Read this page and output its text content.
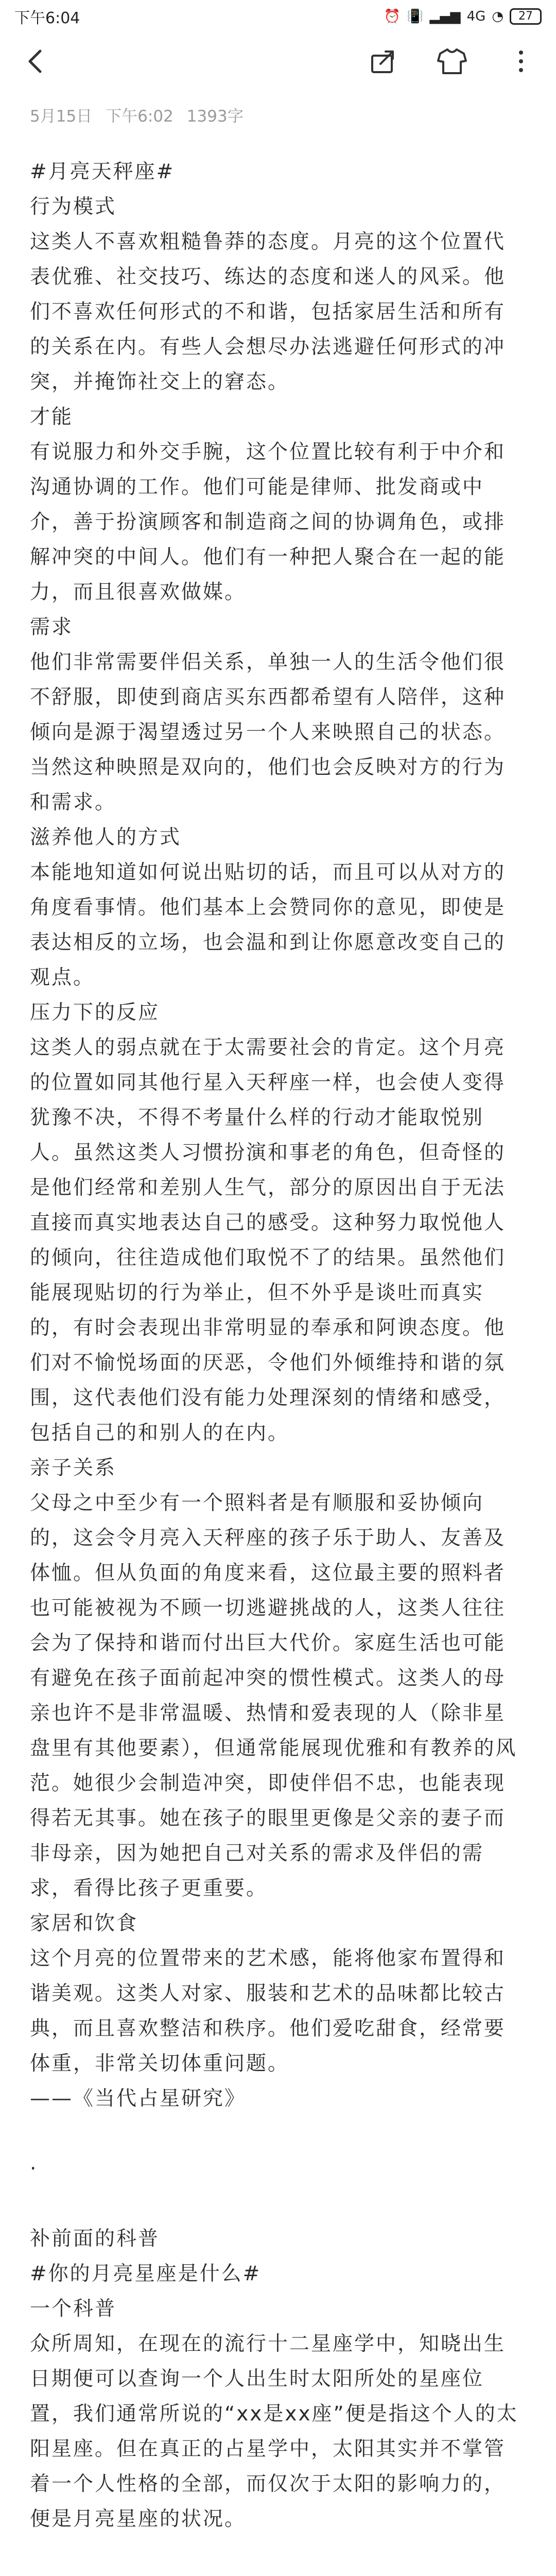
下午6:04	⏰ 📳 ▂▄▆ 4G ◔	27
5月15日 下午6:02 1393字

#月亮天秤座#

行为模式

这类人不喜欢粗糙鲁莽的态度。月亮的这个位置代表优雅、社交技巧、练达的态度和迷人的风采。他们不喜欢任何形式的不和谐，包括家居生活和所有的关系在内。有些人会想尽办法逃避任何形式的冲突，并掩饰社交上的窘态。

才能

有说服力和外交手腕，这个位置比较有利于中介和沟通协调的工作。他们可能是律师、批发商或中介，善于扮演顾客和制造商之间的协调角色，或排解冲突的中间人。他们有一种把人聚合在一起的能力，而且很喜欢做媒。

需求

他们非常需要伴侣关系，单独一人的生活令他们很不舒服，即使到商店买东西都希望有人陪伴，这种倾向是源于渴望透过另一个人来映照自己的状态。当然这种映照是双向的，他们也会反映对方的行为和需求。

滋养他人的方式

本能地知道如何说出贴切的话，而且可以从对方的角度看事情。他们基本上会赞同你的意见，即使是表达相反的立场，也会温和到让你愿意改变自己的观点。

压力下的反应

这类人的弱点就在于太需要社会的肯定。这个月亮的位置如同其他行星入天秤座一样，也会使人变得犹豫不决，不得不考量什么样的行动才能取悦别人。虽然这类人习惯扮演和事老的角色，但奇怪的是他们经常和差别人生气，部分的原因出自于无法直接而真实地表达自己的感受。这种努力取悦他人的倾向，往往造成他们取悦不了的结果。虽然他们能展现贴切的行为举止，但不外乎是谈吐而真实的，有时会表现出非常明显的奉承和阿谀态度。他们对不愉悦场面的厌恶，令他们外倾维持和谐的氛围，这代表他们没有能力处理深刻的情绪和感受，包括自己的和别人的在内。

亲子关系

父母之中至少有一个照料者是有顺服和妥协倾向的，这会令月亮入天秤座的孩子乐于助人、友善及体恤。但从负面的角度来看，这位最主要的照料者也可能被视为不顾一切逃避挑战的人，这类人往往会为了保持和谐而付出巨大代价。家庭生活也可能有避免在孩子面前起冲突的惯性模式。这类人的母亲也许不是非常温暖、热情和爱表现的人（除非星盘里有其他要素），但通常能展现优雅和有教养的风范。她很少会制造冲突，即使伴侣不忠，也能表现得若无其事。她在孩子的眼里更像是父亲的妻子而非母亲，因为她把自己对关系的需求及伴侣的需求，看得比孩子更重要。

家居和饮食

这个月亮的位置带来的艺术感，能将他家布置得和谐美观。这类人对家、服装和艺术的品味都比较古典，而且喜欢整洁和秩序。他们爱吃甜食，经常要体重，非常关切体重问题。

——《当代占星研究》

·

补前面的科普

#你的月亮星座是什么#

一个科普

众所周知，在现在的流行十二星座学中，知晓出生日期便可以查询一个人出生时太阳所处的星座位置，我们通常所说的“xx是xx座”便是指这个人的太阳星座。但在真正的占星学中，太阳其实并不掌管着一个人性格的全部，而仅次于太阳的影响力的，便是月亮星座的状况。
